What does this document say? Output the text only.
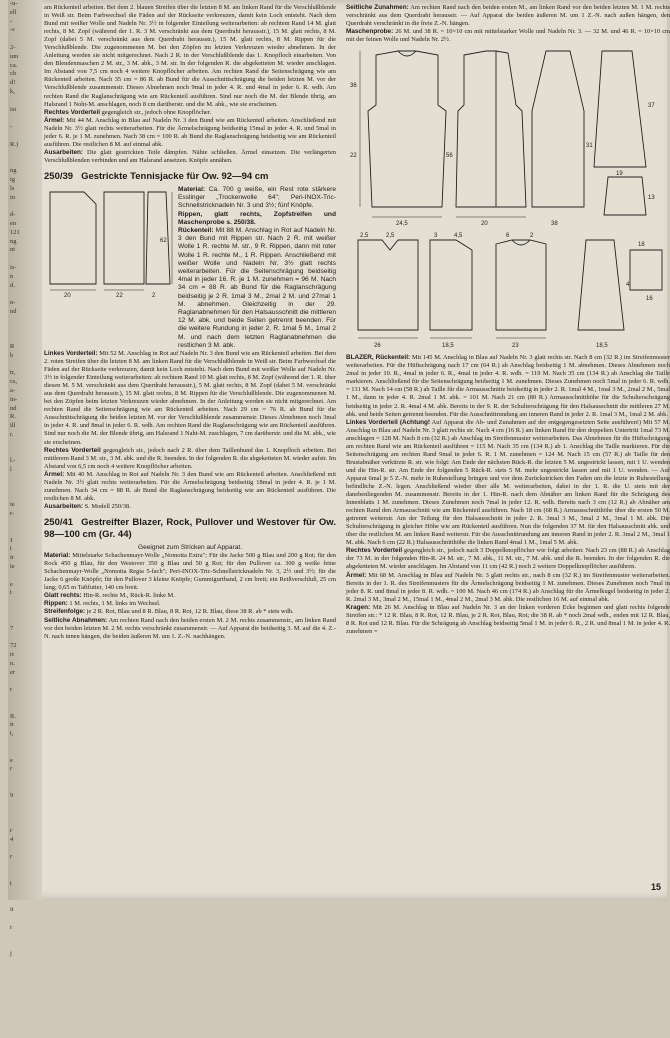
-u-
ell
-
-s

2-
um
ca.
ch
d!
k,

ist

-

R.)

ng
ig
ls
in

d-
en
121
ng
nt

is-
n
d.

n-
nd

R
b

tr,
cs,
a-
in-
nd
R.
ill
r.

l.-
l

ie
r-

J
t
ir
ie

e
t

7

72
rt
n.
er

r

R.
ir
t,

e
r

9

r
4

r

t

it

r

j

am Rückenteil arbeiten. Bei dem 2. blauen Streifen über die letzten 8 M. am linken Rand für die Verschlußblende in Weiß str. Beim Farbwechsel die Fäden auf der Rückseite verkreuzen, damit kein Loch entsteht. Nach dem Bund mit weißer Wolle und Nadeln Nr. 3½ in folgender Einteilung weiterarbeiten: ab rechtem Rand 14 M. glatt rechts, 8 M. Zopf (während der 1. R. 3 M. verschränkt aus dem Querdraht herausstr.), 15 M. glatt rechts, 8 M. Zopf (dabei 5 M. verschränkt aus dem Querdraht herausstr.), 15 M. glatt rechts, 8 M. Rippen für die Verschlußblende. Die zugenommenen M. bei den Zöpfen im letzten Verkreuzen wieder abnehmen. In der Anleitung werden sie nicht mitgerechnet. Nach 2 R. in der Verschlußblende das 1. Knopfloch einarbeiten. Von den Blendenmaschen 2 M. str., 3 M. abk., 3 M. str. In der folgenden R. die abgeketteten M. wieder anschlagen. Im Abstand von 7,5 cm noch 4 weitere Knopflöcher arbeiten. Am rechten Rand die Seitenschrägung wie am Rückenteil arbeiten. Nach 35 cm = 86 R. ab Bund für die Ausschnittschrägung die beiden letzten M. vor der Verschlußblende zusammenstr. Dieses Abnehmen noch 9mal in jeder 4. R. und 4mal in jeder 6. R. wdh. Am rechten Rand die Raglanschrägung wie am Rückenteil ausführen. Sind nur noch die M. der Blende übrig, am Halsrand 1 Noht-M. anschlagen, noch 8 cm darüberstr. und die M. abk., wie sie erscheinen.

Rechtes Vorderteil gegengleich str., jedoch ohne Knopflöcher.

Ärmel: Mit 44 M. Anschlag in Blau auf Nadeln Nr. 3 den Bund wie am Rückenteil arbeiten. Anschließend mit Nadeln Nr. 3½ glatt rechts weiterarbeiten. Für die Ärmelschrägung beidseitig 15mal in jeder 4. R. und 5mal in jeder 6. R. je 1 M. zunehmen. Nach 38 cm = 100 R. ab Bund die Raglanschrägung beidseitig wie am Rückenteil ausführen. Die restlichen 8 M. auf einmal abk.

Ausarbeiten: Die glatt gestrickten Teile dämpfen. Nähte schließen. Ärmel einsetzen. Die verlängerten Verschlußblenden verbinden und am Halsrand ansetzen. Knöpfe annähen.

250/39 Gestrickte Tennisjacke für Ow. 92—94 cm
20	22	2
62
Material: Ca. 700 g weiße, ein Rest rote stärkere Esslinger „Trockenwolle 64"; Peri-INOX-Tric-Schnellstricknadeln Nr. 3 und 3½; fünf Knöpfe.
Rippen, glatt rechts, Zopfstreifen und Maschenprobe s. 250/38.
Rückenteil: Mit 88 M. Anschlag in Rot auf Nadeln Nr. 3 den Bund mit Rippen str. Nach 2 R. mit weißer Wolle 1 R. rechte M. str., 9 R. Rippen, dann mit roter Wolle 1 R. rechte M., 1 R. Rippen. Anschließend mit weißer Wolle und Nadeln Nr. 3½ glatt rechts weiterarbeiten. Für die Seitenschrägung beidseitig 4mal in jeder 16. R. je 1 M. zunehmen = 96 M. Nach 34 cm = 88 R. ab Bund für die Raglanschrägung beidseitig je 2 R. 1mal 3 M., 2mal 2 M. und 27mal 1 M. abnehmen. Gleichzeitig in der 29. Raglanabnehmen für den Halsausschnitt die mittleren 12 M. abk. und beide Seiten getrennt beenden. Für die weitere Rundung in jeder 2. R. 1mal 5 M., 1mal 2 M. und nach dem letzten Raglanabnehmen die restlichen 3 M. abk.

Linkes Vorderteil: Mit 52 M. Anschlag in Rot auf Nadeln Nr. 3 den Bund wie am Rückenteil arbeiten. Bei dem 2. roten Streifen über die letzten 8 M. am linken Rand für die Verschlußblende in Weiß str. Beim Farbwechsel die Fäden auf der Rückseite verkreuzen, damit kein Loch entsteht. Nach dem Bund mit weißer Wolle auf Nadeln Nr. 3½ in folgender Einteilung weiterarbeiten: ab rechtem Rand 10 M. glatt rechts, 8 M. Zopf (während der 1. R. über diesen M. 5 M. verschränkt aus dem Querdraht herausstr.), 5 M. glatt rechts, 8 M. Zopf (dabei 5 M. verschränkt aus dem Querdraht herausstr.), 15 M. glatt rechts, 8 M. Rippen für die Verschlußblende. Die zugenommenen M. bei den Zöpfen beim letzten Verkreuzen wieder abnehmen. In der Anleitung werden sie nicht mitgerechnet. Am rechten Rand die Seitenschrägung wie am Rückenteil arbeiten. Nach 29 cm = 76 R. ab Bund für die Ausschnittschrägung die beiden letzten M. vor der Verschlußblende zusammenstr. Dieses Abnehmen noch 3mal in jeder 4. R. und 8mal in jeder 6. R. wdh. Am rechten Rand die Raglanschrägung wie am Rückenteil ausführen. Sind nur noch die M. der Blende übrig, am Halsrand 1 Naht-M. zuschlagen, 7 cm darüberstr. und die M. abk., wie sie erscheinen.

Rechtes Vorderteil gegengleich str., jedoch nach 2 R. über dem Taillenbund das 1. Knopfloch arbeiten. Bei mittlerem Rand 3 M. str., 3 M. abk. und die R. beenden. In der folgenden R. die abgeketteten M. wieder aufstr. Im Abstand von 6,5 cm noch 4 weitere Knopflöcher arbeiten.

Ärmel: Mit 40 M. Anschlag in Rot auf Nadeln Nr. 3 den Bund wie am Rückenteil arbeiten. Anschließend mit Nadeln Nr. 3½ glatt rechts weiterarbeiten. Für die Ärmelschrägung beidseitig 18mal in jeder 4. R. je 1 M. zunehmen. Nach 34 cm = 88 R. ab Bund die Raglanschrägung beidseitig wie am Rückenteil ausführen. Die restlichen 8 M. abk.

Ausarbeiten: S. Modell 250/38.

250/41 Gestreifter Blazer, Rock, Pullover und Westover für Ow. 98—100 cm (Gr. 44)

Geeignet zum Stricken auf Apparat.

Material: Mittelstarke Schachenmayr-Wolle „Nomotta Extra"; Für die Jacke 500 g Blau und 200 g Rot; für den Rock 450 g Blau, für den Westover 350 g Blau und 50 g Rot; für den Pullover ca. 300 g weiße feine Schachenmayr-Wolle „Nomotta Regia 5-fach"; Peri-INOX-Tric-Schnellstricknadeln Nr. 3, 2½ und 3½; für die Jacke 6 große Knöpfe; für den Pullover 3 kleine Knöpfe; Gummigurtband, 2 cm breit; ein Reißverschluß, 25 cm lang; 0,65 m Taftfutter, 140 cm breit.

Glatt rechts: Hin-R. rechte M., Rück-R. linke M.

Rippen: 1 M. rechts, 1 M. links im Wechsel.

Streifenfolge: je 2 R. Rot, Blau und 8 R. Blau, 8 R. Rot, 12 R. Blau, diese 38 R. ab * stets wdh.

Seitliche Abnahmen: Am rechten Rand nach den beiden ersten M. 2 M. rechts zusammenstr., am linken Rand vor den beiden letzten M. 2 M. rechts verschränkt zusammenstr. — Auf Apparat die beidseitig 3. M. auf die 4. Z.-N. nach innen hängen, die beiden äußeren M. um 1. Z.-N. nachhängen.

Seitliche Zunahmen: Am rechten Rand nach den beiden ersten M., am linken Rand vor den beiden letzten M. 1 M. rechts verschränkt aus dem Querdraht herausstr. — Auf Apparat die beiden äußeren M. um 1 Z.-N. nach außen hängen, den Querdraht verschränkt in die freie Z.-N. hängen.

Maschenprobe: 26 M. und 38 R. = 10×10 cm mit mittelstarker Wolle und Nadeln Nr. 3. — 32 M. und 46 R. = 10×10 cm mit der feinen Wolle und Nadeln Nr. 2½.

36
22
24,5
56
20
31
38
37
19
13
2,5	2,5	3	4,5	6	2
26	18,5	23	18,5
18
16
4

BLAZER, Rückenteil: Mit 145 M. Anschlag in Blau auf Nadeln Nr. 3 glatt rechts str. Nach 8 cm (32 R.) im Streifenmuster weiterarbeiten. Für die Hüftschrägung nach 17 cm (64 R.) ab Anschlag beidseitig 1 M. abnehmen. Dieses Abnehmen noch 2mal in jeder 10. R., 4mal in jeder 6. R., 4mal in jeder 4. R. wdh. = 119 M. Nach 35 cm (134 R.) ab Anschlag die Taille markieren. Anschließend für die Seitenschrägung beidseitig 1 M. zunehmen. Dieses Zunehmen noch 5mal in jeder 6. R. wdh. = 131 M. Nach 14 cm (58 R.) ab Taille für die Armausschnitte beidseitig in jeder 2. R. 1mal 4 M., 1mal 3 M., 2mal 2 M., 5mal 1 M., dann in jeder 4. R. 2mal 1 M. abk. = 101 M. Nach 21 cm (80 R.) Armausschnitthöhe für die Schulterschrägung beidseitig in jeder 2. R. 4mal 4 M. abk. Bereits in der 9. R. der Schulterschrägung für den Halsausschnitt die mittleren 27 M. abk. und beide Seiten getrennt beenden. Für die Ausschnittrundung am inneren Rand in jeder 2. R. 1mal 3 M., 1mal 2 M. abk.

Linkes Vorderteil (Achtung! Auf Apparat die Ab- und Zunahmen auf der entgegengesetzten Seite ausführen!) Mit 57 M. Anschlag in Blau auf Nadeln Nr. 3 glatt rechts str. Nach 4 cm (16 R.) am linken Rand für den doppelten Untertritt 1mal 73 M. anschlagen = 128 M. Nach 8 cm (32 R.) ab Anschlag im Streifenmuster weiterarbeiten. Das Abnehmen für die Hüftschrägung am rechten Rand wie am Rückenteil ausführen = 115 M. Nach 35 cm (134 R.) ab 1. Anschlag die Taille markieren. Für die Seitenschrägung am rechten Rand 9mal in jeder 6. R. 1 M. zunehmen = 124 M. Nach 15 cm (57 R.) ab Taille für den Brustabnäher verkürzte R. str. wie folgt: Am Ende der nächsten Rück-R. die letzten 5 M. ungestrickt lassen, mit 1 U. wenden und die Hin-R. str. Am Ende der folgenden 5 Rück-R. stets 5 M. mehr ungestrickt lassen und mit 1 U. wenden. — Auf Apparat 6mal je 5 Z.-N. mehr in Ruhestellung bringen und vor dem Zurückstricken den Faden um die letzte in Ruhestellung befindliche Z.-N. legen. Anschließend wieder über alle M. weiterarbeiten, dabei in der 1. R. die U. stets mit der danebenliegenden M. zusammenstr. Bereits in der 1. Hin-R. nach dem Abnäher am linken Rand für die Schrägung des Innenblatts 1 M. zunehmen. Dieses Zunehmen noch 7mal in jeder 12. R. wdh. Bereits nach 3 cm (12 R.) ab Abnäher am rechten Rand den Armausschnitt wie am Rückenteil ausführen. Nach 18 cm (68 R.) Armausschnitthöhe über die ersten 50 M. getrennt weiterstr. Am der Teilung für den Halsausschnitt in jeder 2. R. 3mal 3 M., 3mal 2 M., 3mal 1 M. abk. Die Schulterschrägung in gleicher Höhe wie am Rückenteil ausführen. Nun die folgenden 37 M. für den Halsausschnitt abk. und über die restlichen M. am linken Rand weiterstr. Für die Ausschnittrundung am inneren Rand in jeder 2. R. 3mal 2 M., 3mal 1 M. abk. Nach 6 cm (22 R.) Halsausschnitthöhe die linken Rand 4mal 1 M., 1mal 5 M. abk.

Rechtes Vorderteil gegengleich str., jedoch nach 3 Doppelknopflöcher wie folgt arbeiten: Nach 23 cm (88 R.) ab Anschlag der 73 M. in der folgenden Hin-R. 24 M. str., 7 M. abk., 11 M. str., 7 M. abk. und die R. beenden. In der folgenden R. die abgeketteten M. wieder anschlagen. Im Abstand von 11 cm (42 R.) noch 2 weitere Doppelknopflöcher ausführen.

Ärmel: Mit 68 M. Anschlag in Blau auf Nadeln Nr. 3 glatt rechts str., nach 8 cm (32 R.) im Streifenmuster weiterarbeiten. Bereits in der 1. R. des Streifenmusters für die Ärmelschrägung beidseitig 1 M. zunehmen. Dieses Zunehmen noch 7mal in jeder 8. R. und 8mal in jeder 8. R. wdh. = 100 M. Nach 46 cm (174 R.) ab Anschlag für die Ärmelkugel beidseitig in jeder 2. R. 2mal 3 M., 3mal 2 M., 15mal 1 M., 4mal 2 M., 2mal 3 M. abk. Die restlichen 16 M. auf einmal abk.

Kragen: Mit 26 M. Anschlag in Blau auf Nadeln Nr. 3 an der linken vorderen Ecke beginnen und glatt rechts folgende Streifen str.: * 12 R. Blau, 8 R. Rot, 12 R. Blau, je 2 R. Rot, Blau, Rot; die 38 R. ab * noch 2mal wdh., enden mit 12 R. Blau, 8 R. Rot und 12 R. Blau. Für die Schrägung ab Anschlag beidseitig 5mal 1 M. in jeder 6. R., 2 R. und 8mal 1 M. in jeder 4. R. zunehmen =

15
